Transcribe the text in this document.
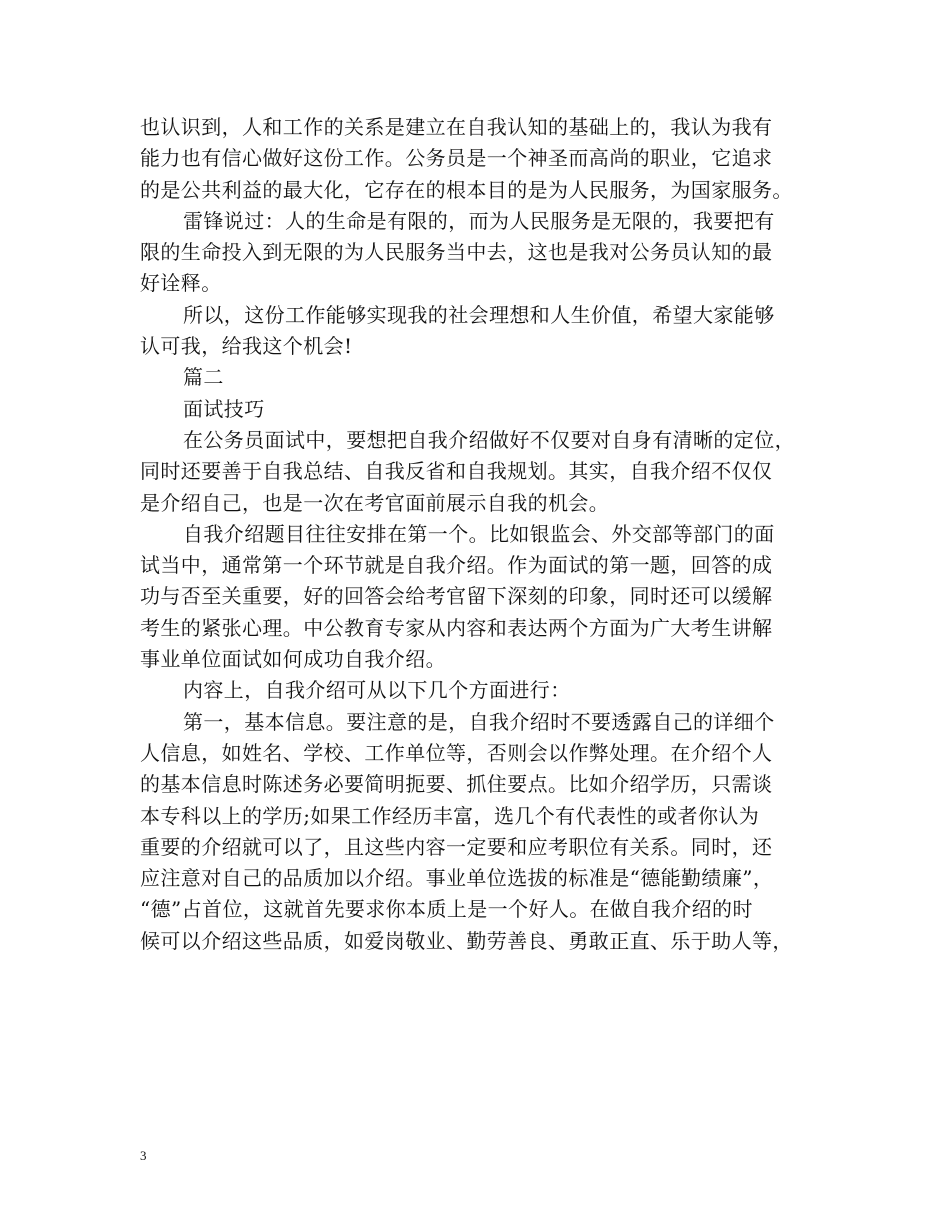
也认识到，人和工作的关系是建立在自我认知的基础上的，我认为我有
能力也有信心做好这份工作。公务员是一个神圣而高尚的职业，它追求
的是公共利益的最大化，它存在的根本目的是为人民服务，为国家服务。
雷锋说过：人的生命是有限的，而为人民服务是无限的，我要把有
限的生命投入到无限的为人民服务当中去，这也是我对公务员认知的最
好诠释。
所以，这份工作能够实现我的社会理想和人生价值，希望大家能够
认可我，给我这个机会!
篇二
面试技巧
在公务员面试中，要想把自我介绍做好不仅要对自身有清晰的定位，
同时还要善于自我总结、自我反省和自我规划。其实，自我介绍不仅仅
是介绍自己，也是一次在考官面前展示自我的机会。
自我介绍题目往往安排在第一个。比如银监会、外交部等部门的面
试当中，通常第一个环节就是自我介绍。作为面试的第一题，回答的成
功与否至关重要，好的回答会给考官留下深刻的印象，同时还可以缓解
考生的紧张心理。中公教育专家从内容和表达两个方面为广大考生讲解
事业单位面试如何成功自我介绍。
内容上，自我介绍可从以下几个方面进行：
第一，基本信息。要注意的是，自我介绍时不要透露自己的详细个
人信息，如姓名、学校、工作单位等，否则会以作弊处理。在介绍个人
的基本信息时陈述务必要简明扼要、抓住要点。比如介绍学历，只需谈
本专科以上的学历;如果工作经历丰富，选几个有代表性的或者你认为
重要的介绍就可以了，且这些内容一定要和应考职位有关系。同时，还
应注意对自己的品质加以介绍。事业单位选拔的标准是“德能勤绩廉”，
“德”占首位，这就首先要求你本质上是一个好人。在做自我介绍的时
候可以介绍这些品质，如爱岗敬业、勤劳善良、勇敢正直、乐于助人等，
3
